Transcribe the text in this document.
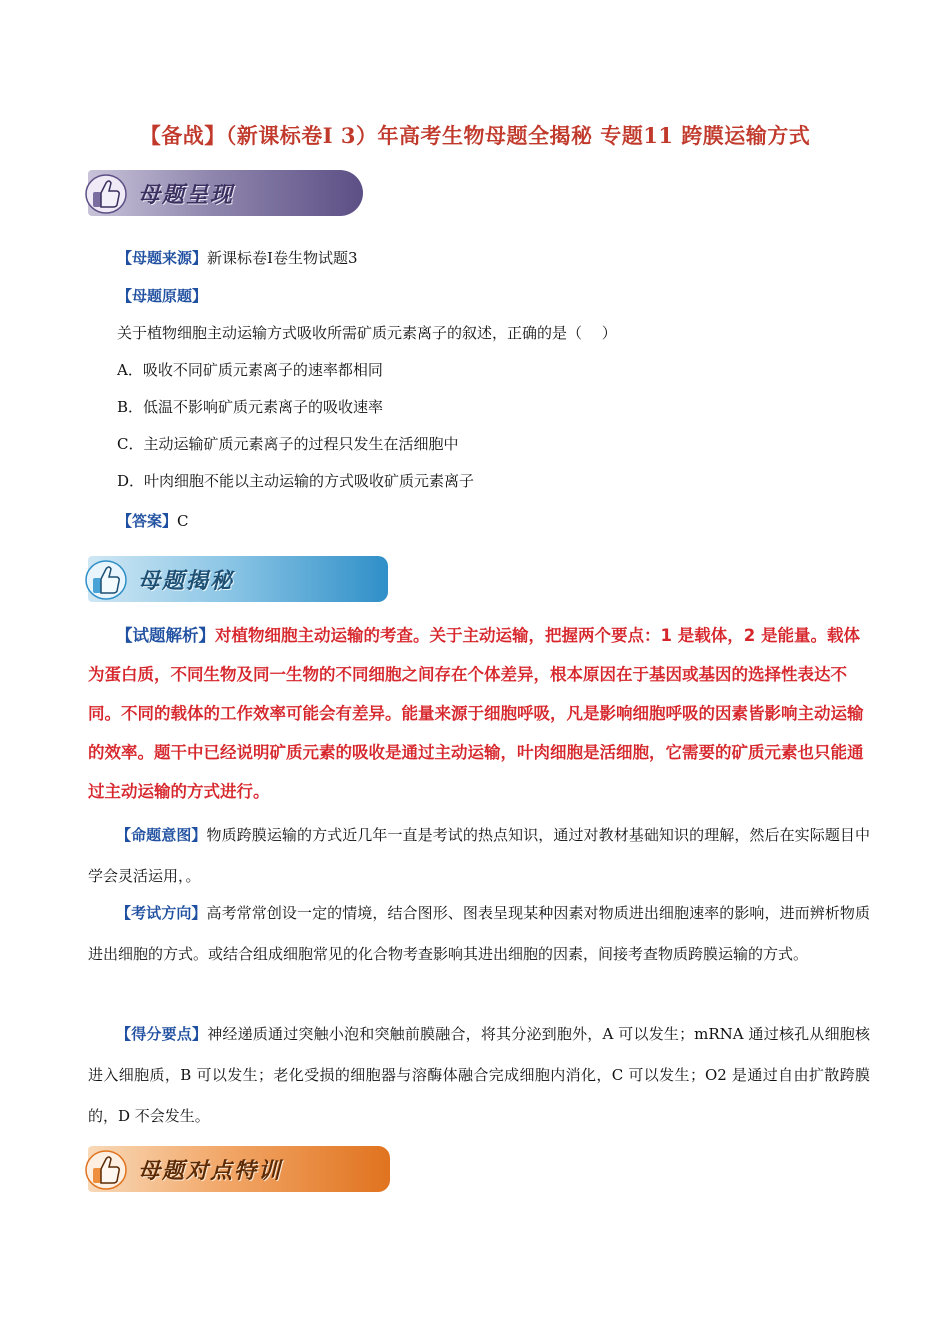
【备战】（新课标卷Ⅰ 3）年高考生物母题全揭秘 专题11 跨膜运输方式
母题呈现
【母题来源】新课标卷Ⅰ卷生物试题3
【母题原题】
关于植物细胞主动运输方式吸收所需矿质元素离子的叙述，正确的是（　 ）
A．吸收不同矿质元素离子的速率都相同
B．低温不影响矿质元素离子的吸收速率
C．主动运输矿质元素离子的过程只发生在活细胞中
D．叶肉细胞不能以主动运输的方式吸收矿质元素离子
【答案】C
母题揭秘
【试题解析】对植物细胞主动运输的考查。关于主动运输，把握两个要点：1 是载体，2 是能量。载体为蛋白质，不同生物及同一生物的不同细胞之间存在个体差异，根本原因在于基因或基因的选择性表达不同。不同的载体的工作效率可能会有差异。能量来源于细胞呼吸，凡是影响细胞呼吸的因素皆影响主动运输的效率。题干中已经说明矿质元素的吸收是通过主动运输，叶肉细胞是活细胞，它需要的矿质元素也只能通过主动运输的方式进行。
【命题意图】物质跨膜运输的方式近几年一直是考试的热点知识，通过对教材基础知识的理解，然后在实际题目中学会灵活运用，。
【考试方向】高考常常创设一定的情境，结合图形、图表呈现某种因素对物质进出细胞速率的影响，进而辨析物质进出细胞的方式。或结合组成细胞常见的化合物考查影响其进出细胞的因素，间接考查物质跨膜运输的方式。
【得分要点】神经递质通过突触小泡和突触前膜融合，将其分泌到胞外，A 可以发生；mRNA 通过核孔从细胞核进入细胞质，B 可以发生；老化受损的细胞器与溶酶体融合完成细胞内消化，C 可以发生；O2 是通过自由扩散跨膜的，D 不会发生。
母题对点特训
